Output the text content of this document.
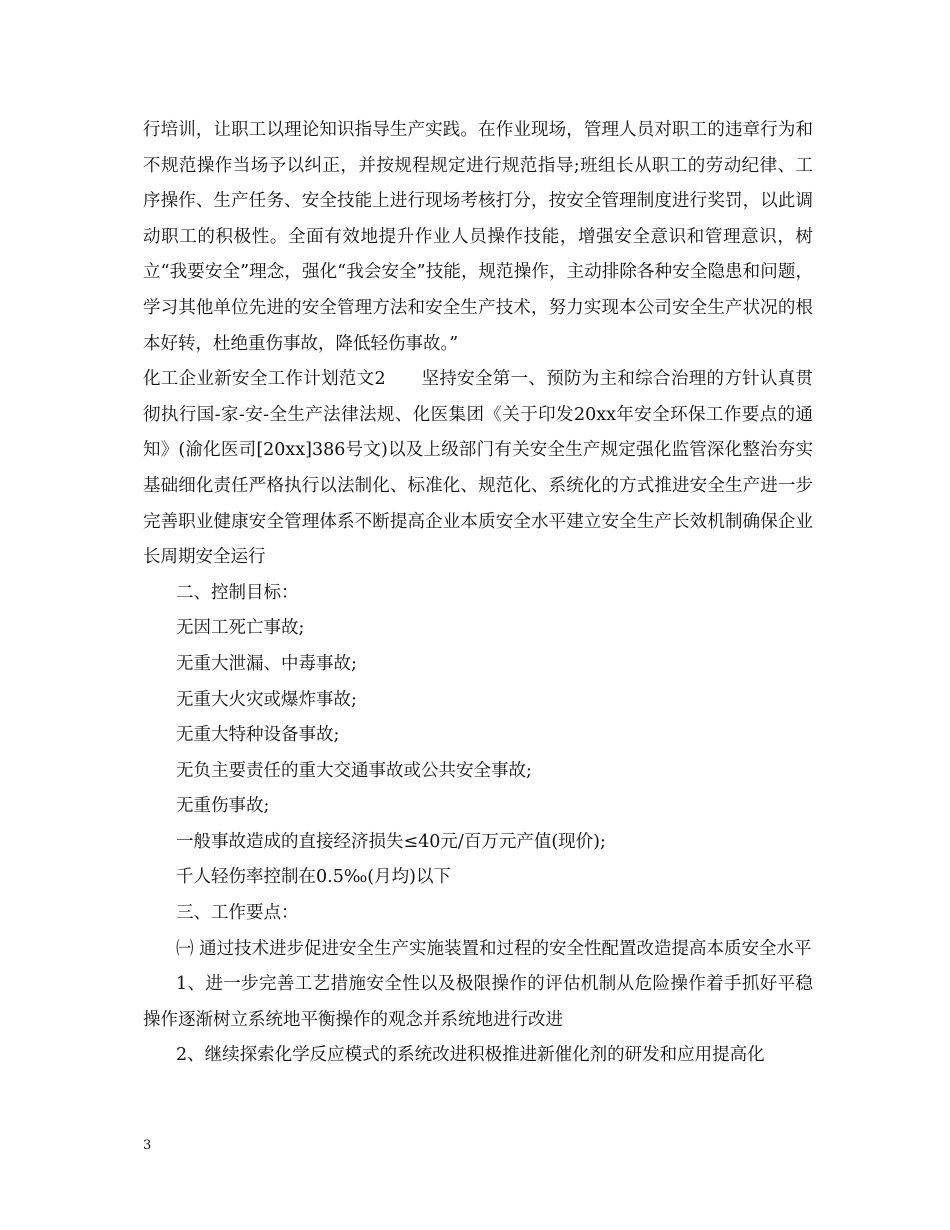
行培训，让职工以理论知识指导生产实践。在作业现场，管理人员对职工的违章行为和不规范操作当场予以纠正，并按规程规定进行规范指导;班组长从职工的劳动纪律、工序操作、生产任务、安全技能上进行现场考核打分，按安全管理制度进行奖罚，以此调动职工的积极性。全面有效地提升作业人员操作技能，增强安全意识和管理意识，树立“我要安全”理念，强化“我会安全”技能，规范操作，主动排除各种安全隐患和问题，学习其他单位先进的安全管理方法和安全生产技术，努力实现本公司安全生产状况的根本好转，杜绝重伤事故，降低轻伤事故。”

化工企业新安全工作计划范文2　　坚持安全第一、预防为主和综合治理的方针认真贯彻执行国-家-安-全生产法律法规、化医集团《关于印发20xx年安全环保工作要点的通知》(渝化医司[20xx]386号文)以及上级部门有关安全生产规定强化监管深化整治夯实基础细化责任严格执行以法制化、标准化、规范化、系统化的方式推进安全生产进一步完善职业健康安全管理体系不断提高企业本质安全水平建立安全生产长效机制确保企业长周期安全运行

二、控制目标：

无因工死亡事故;

无重大泄漏、中毒事故;

无重大火灾或爆炸事故;

无重大特种设备事故;

无负主要责任的重大交通事故或公共安全事故;

无重伤事故;

一般事故造成的直接经济损失≤40元/百万元产值(现价);

千人轻伤率控制在0.5‰(月均)以下

三、工作要点：

㈠ 通过技术进步促进安全生产实施装置和过程的安全性配置改造提高本质安全水平

1、进一步完善工艺措施安全性以及极限操作的评估机制从危险操作着手抓好平稳操作逐渐树立系统地平衡操作的观念并系统地进行改进

2、继续探索化学反应模式的系统改进积极推进新催化剂的研发和应用提高化

3
